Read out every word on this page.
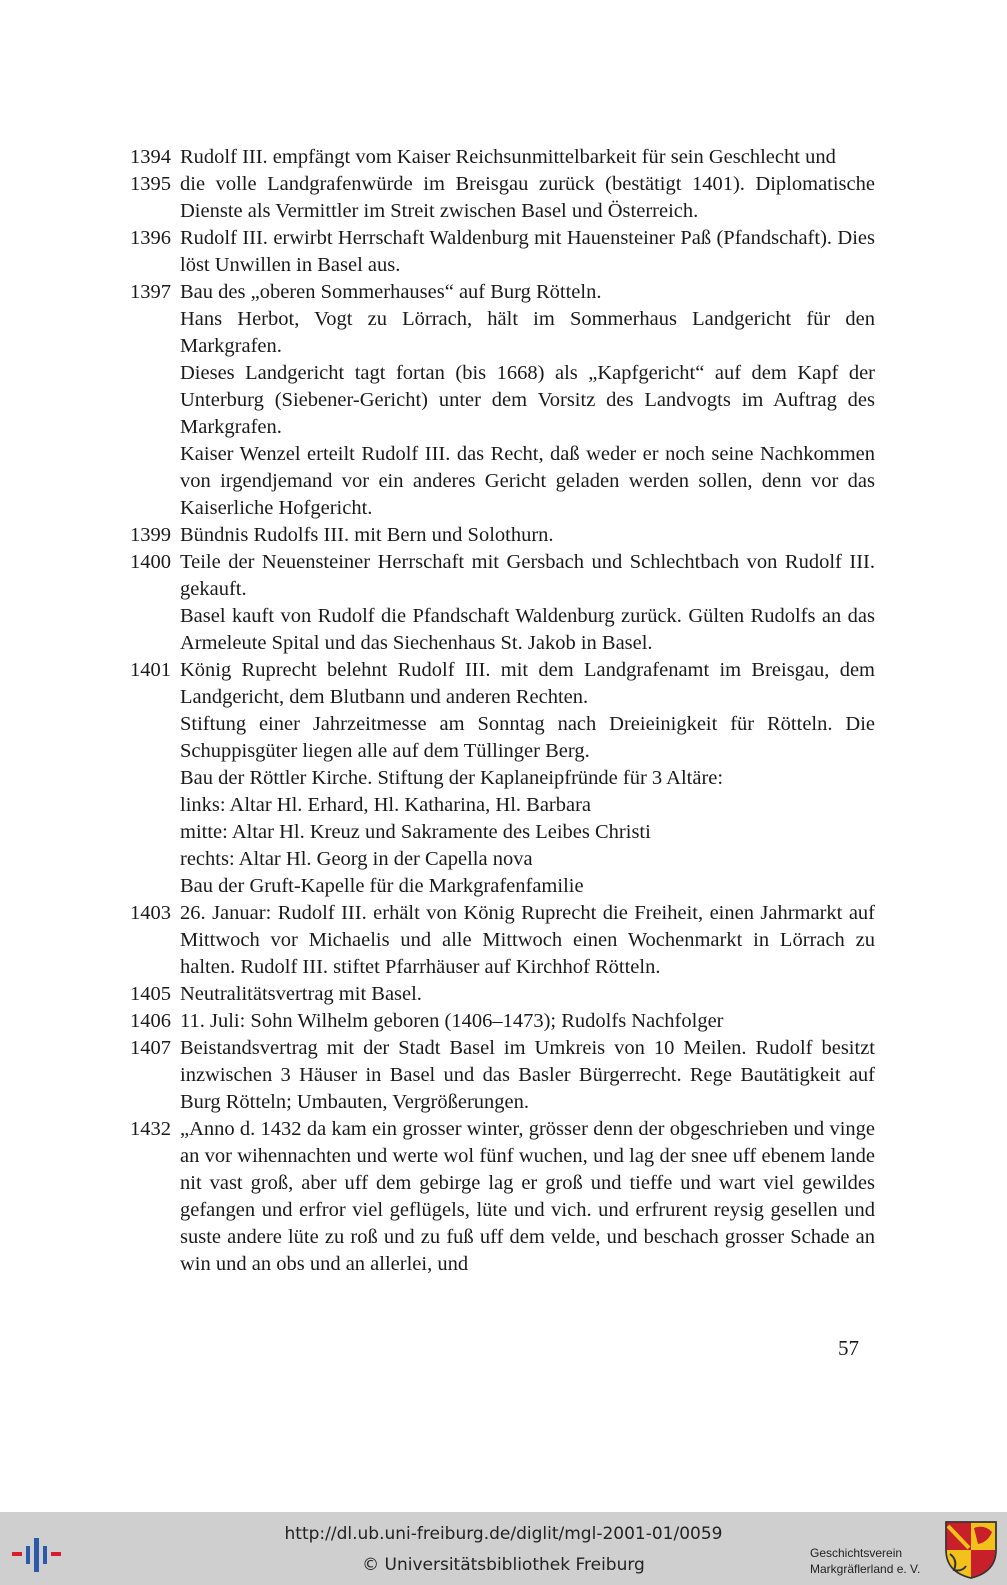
1394 Rudolf III. empfängt vom Kaiser Reichsunmittelbarkeit für sein Geschlecht und

1395 die volle Landgrafenwürde im Breisgau zurück (bestätigt 1401). Diplomatische Dienste als Vermittler im Streit zwischen Basel und Österreich.

1396 Rudolf III. erwirbt Herrschaft Waldenburg mit Hauensteiner Paß (Pfandschaft). Dies löst Unwillen in Basel aus.

1397 Bau des „oberen Sommerhauses“ auf Burg Rötteln.

Hans Herbot, Vogt zu Lörrach, hält im Sommerhaus Landgericht für den Markgrafen.

Dieses Landgericht tagt fortan (bis 1668) als „Kapfgericht“ auf dem Kapf der Unterburg (Siebener-Gericht) unter dem Vorsitz des Landvogts im Auftrag des Markgrafen.

Kaiser Wenzel erteilt Rudolf III. das Recht, daß weder er noch seine Nachkommen von irgendjemand vor ein anderes Gericht geladen werden sollen, denn vor das Kaiserliche Hofgericht.

1399 Bündnis Rudolfs III. mit Bern und Solothurn.

1400 Teile der Neuensteiner Herrschaft mit Gersbach und Schlechtbach von Rudolf III. gekauft.

Basel kauft von Rudolf die Pfandschaft Waldenburg zurück. Gülten Rudolfs an das Armeleute Spital und das Siechenhaus St. Jakob in Basel.

1401 König Ruprecht belehnt Rudolf III. mit dem Landgrafenamt im Breisgau, dem Landgericht, dem Blutbann und anderen Rechten.

Stiftung einer Jahrzeitmesse am Sonntag nach Dreieinigkeit für Rötteln. Die Schuppisgüter liegen alle auf dem Tüllinger Berg.

Bau der Röttler Kirche. Stiftung der Kaplaneipfründe für 3 Altäre:

links: Altar Hl. Erhard, Hl. Katharina, Hl. Barbara

mitte: Altar Hl. Kreuz und Sakramente des Leibes Christi

rechts: Altar Hl. Georg in der Capella nova

Bau der Gruft-Kapelle für die Markgrafenfamilie

1403 26. Januar: Rudolf III. erhält von König Ruprecht die Freiheit, einen Jahrmarkt auf Mittwoch vor Michaelis und alle Mittwoch einen Wochenmarkt in Lörrach zu halten. Rudolf III. stiftet Pfarrhäuser auf Kirchhof Rötteln.

1405 Neutralitätsvertrag mit Basel.

1406 11. Juli: Sohn Wilhelm geboren (1406–1473); Rudolfs Nachfolger

1407 Beistandsvertrag mit der Stadt Basel im Umkreis von 10 Meilen. Rudolf besitzt inzwischen 3 Häuser in Basel und das Basler Bürgerrecht. Rege Bautätigkeit auf Burg Rötteln; Umbauten, Vergrößerungen.

1432 „Anno d. 1432 da kam ein grosser winter, grösser denn der obgeschrieben und vinge an vor wihennachten und werte wol fünf wuchen, und lag der snee uff ebenem lande nit vast groß, aber uff dem gebirge lag er groß und tieffe und wart viel gewildes gefangen und erfror viel geflügels, lüte und vich. und erfrurent reysig gesellen und suste andere lüte zu roß und zu fuß uff dem velde, und beschach grosser Schade an win und an obs und an allerlei, und

57
http://dl.ub.uni-freiburg.de/diglit/mgl-2001-01/0059
© Universitätsbibliothek Freiburg
Geschichtsverein
Markgräflerland e. V.
